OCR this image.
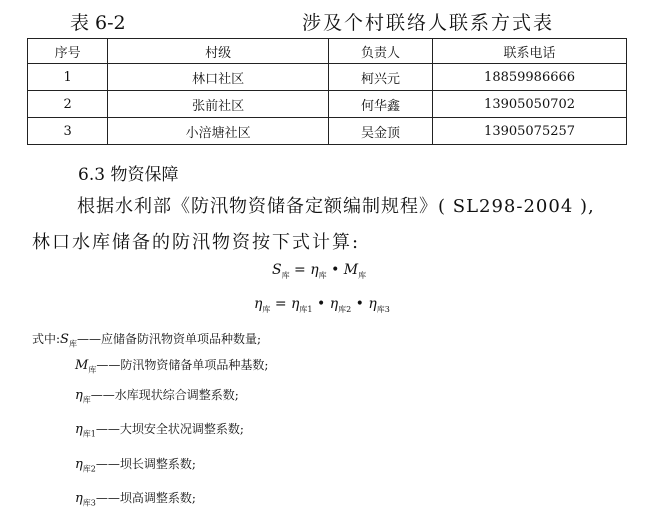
表 6-2	涉及个村联络人联系方式表
序号	村级	负责人	联系电话
1	林口社区	柯兴元	18859986666
2	张前社区	何华鑫	13905050702
3	小涪塘社区	吴金顶	13905075257
6.3 物资保障
根据水利部《防汛物资储备定额编制规程》( SL298-2004 ),
林口水库储备的防汛物资按下式计算:
$S_库 = \eta_库$ • $M_库$
$\eta_库 = \eta_{库1}$ • $\eta_{库2}$ • $\eta_{库3}$
式中$:S_库——$应储备防汛物资单项品种数量;
$M_库——$防汛物资储备单项品种基数;
$\eta_库——$水库现状综合调整系数;
$\eta_{库1}——$大坝安全状况调整系数;
$\eta_{库2}——$坝长调整系数;
$\eta_{库3}——$坝高调整系数;
